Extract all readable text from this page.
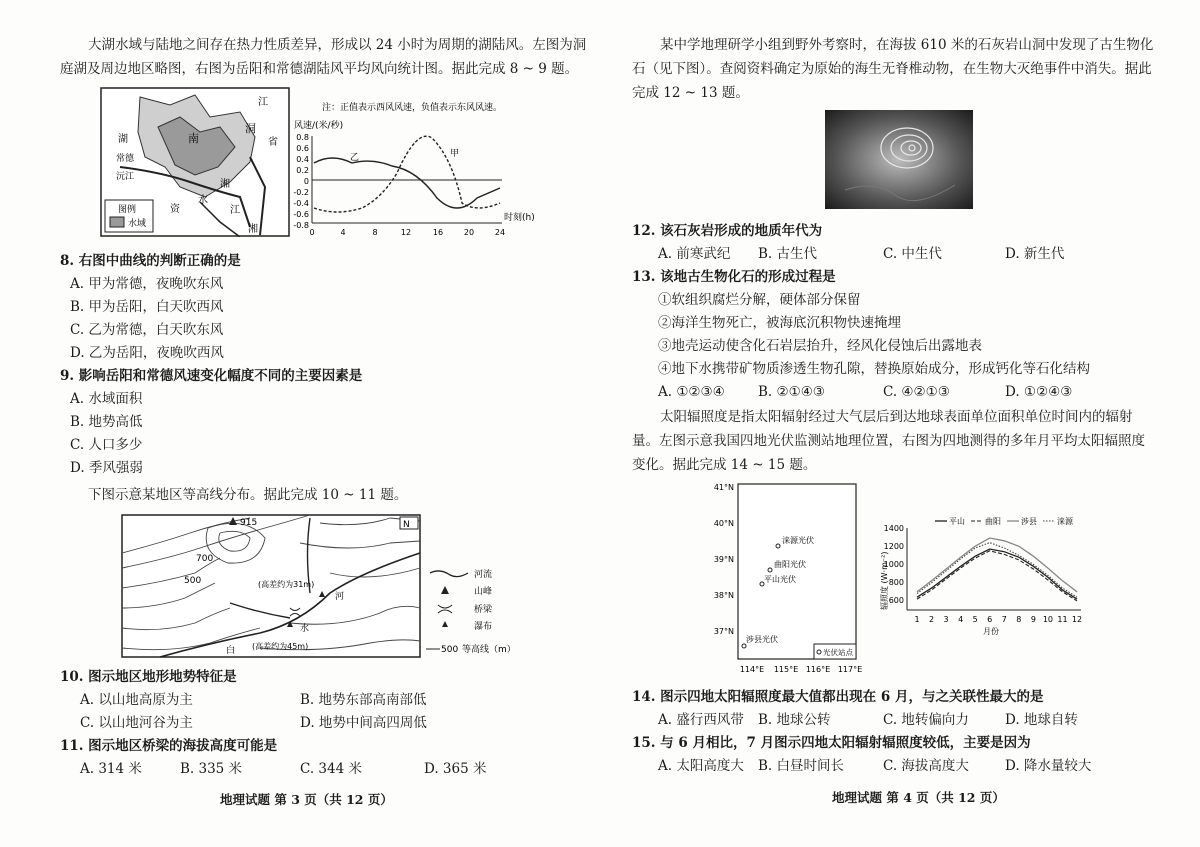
大湖水域与陆地之间存在热力性质差异，形成以 24 小时为周期的湖陆风。左图为洞
庭湖及周边地区略图，右图为岳阳和常德湖陆风平均风向统计图。据此完成 8 ~ 9 题。
江
洞
省
湖	南
常德
沅江
湘
资
水
江
湘
图例
水域
注：正值表示西风风速，负值表示东风风速。
风速/(米/秒)
0.8
0.6
0.4
0.2
0
-0.2
-0.4
-0.6
-0.8
0	4	8	12	16	20	24
时刻(h)
乙	甲
8. 右图中曲线的判断正确的是
A. 甲为常德，夜晚吹东风
B. 甲为岳阳，白天吹西风
C. 乙为常德，白天吹东风
D. 乙为岳阳，夜晚吹西风
9. 影响岳阳和常德风速变化幅度不同的主要因素是
A. 水域面积
B. 地势高低
C. 人口多少
D. 季风强弱
下图示意某地区等高线分布。据此完成 10 ~ 11 题。
915	N
700
500	(高差约为31m)
河
水
(高差约为45m)
白
河流
山峰
桥梁
瀑布
500 等高线（m）
10. 图示地区地形地势特征是
A. 以山地高原为主	B. 地势东部高南部低
C. 以山地河谷为主	D. 地势中间高四周低
11. 图示地区桥梁的海拔高度可能是
A. 314 米	B. 335 米	C. 344 米	D. 365 米
地理试题 第 3 页（共 12 页）
某中学地理研学小组到野外考察时，在海拔 610 米的石灰岩山洞中发现了古生物化
石（见下图）。查阅资料确定为原始的海生无脊椎动物，在生物大灭绝事件中消失。据此
完成 12 ~ 13 题。
12. 该石灰岩形成的地质年代为
A. 前寒武纪 B. 古生代	C. 中生代	D. 新生代
13. 该地古生物化石的形成过程是
①软组织腐烂分解，硬体部分保留
②海洋生物死亡，被海底沉积物快速掩埋
③地壳运动使含化石岩层抬升，经风化侵蚀后出露地表
④地下水携带矿物质渗透生物孔隙，替换原始成分，形成钙化等石化结构
A. ①②③④ B. ②①④③	C. ④②①③	D. ①②④③
太阳辐照度是指太阳辐射经过大气层后到达地球表面单位面积单位时间内的辐射
量。左图示意我国四地光伏监测站地理位置，右图为四地测得的多年月平均太阳辐照度
变化。据此完成 14 ~ 15 题。
41°N
40°N
39°N
38°N
37°N
114°E 115°E 116°E 117°E
涞源光伏
曲阳光伏
平山光伏
涉县光伏
光伏站点
平山	曲阳	涉县	涞源
辐照度 (W·m⁻²)
1400
1200
1000
800
600
1 2 3 4 5 6 7 8 9 10 11 12
月份
14. 图示四地太阳辐照度最大值都出现在 6 月，与之关联性最大的是
A. 盛行西风带 B. 地球公转	C. 地转偏向力	D. 地球自转
15. 与 6 月相比，7 月图示四地太阳辐射辐照度较低，主要是因为
A. 太阳高度大 B. 白昼时间长	C. 海拔高度大	D. 降水量较大
地理试题 第 4 页（共 12 页）
